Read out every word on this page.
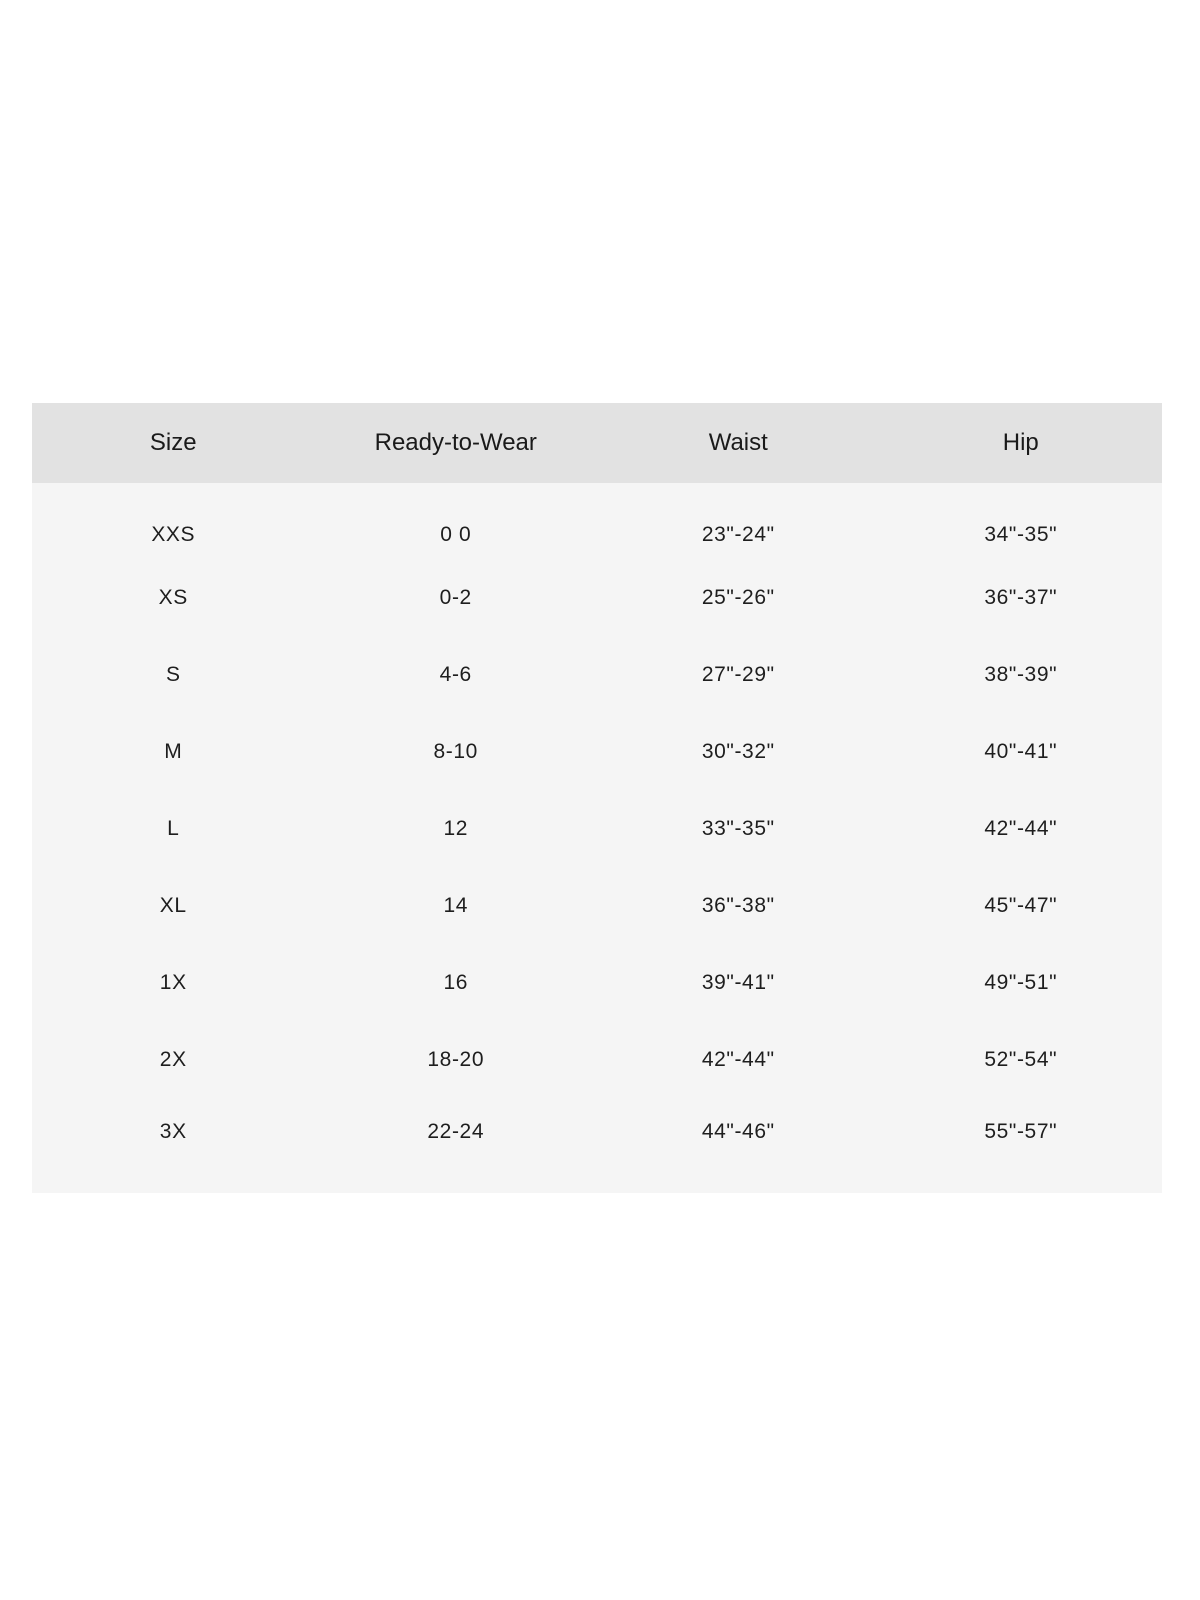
Size	Ready-to-Wear	Waist	Hip
XXS	0 0	23"-24"	34"-35"
XS	0-2	25"-26"	36"-37"
S	4-6	27"-29"	38"-39"
M	8-10	30"-32"	40"-41"
L	12	33"-35"	42"-44"
XL	14	36"-38"	45"-47"
1X	16	39"-41"	49"-51"
2X	18-20	42"-44"	52"-54"
3X	22-24	44"-46"	55"-57"
